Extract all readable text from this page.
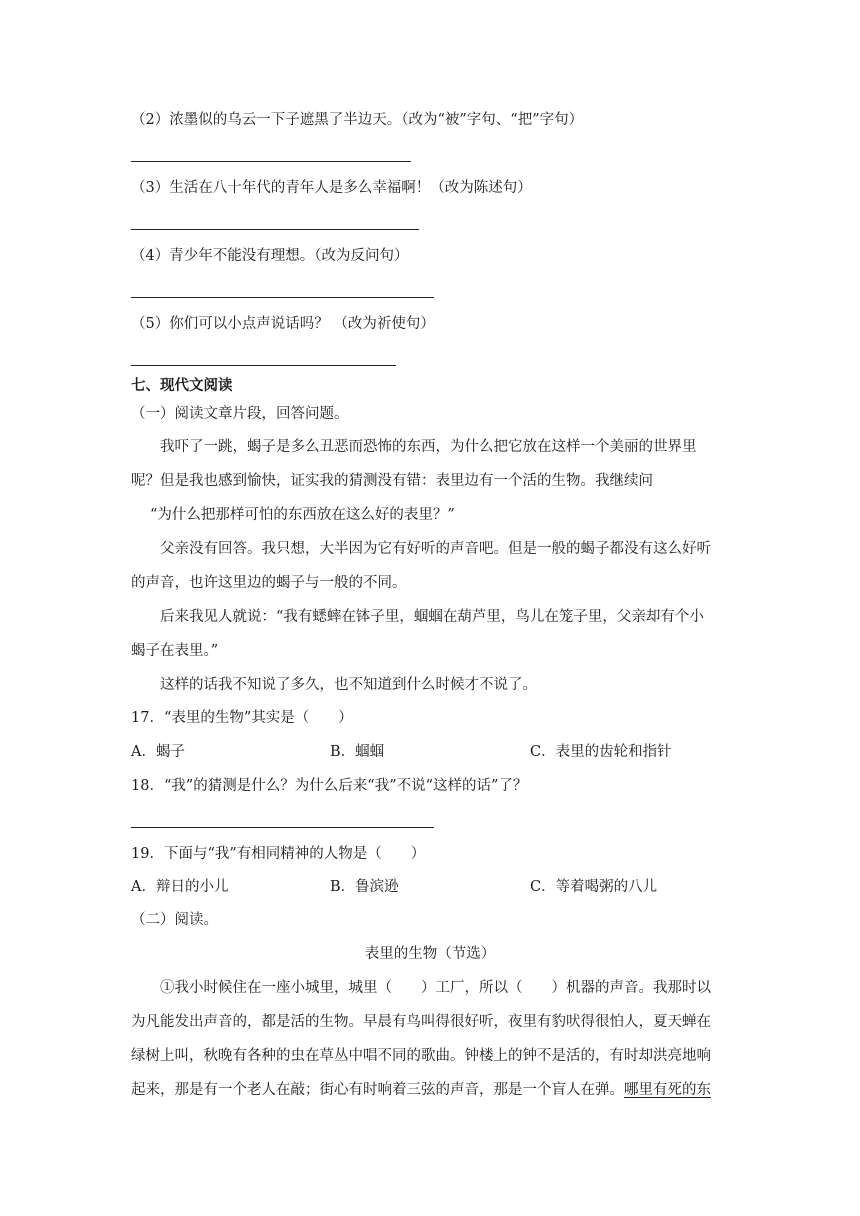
（2）浓墨似的乌云一下子遮黑了半边天。（改为“被”字句、“把”字句）
（3）生活在八十年代的青年人是多么幸福啊！（改为陈述句）
（4）青少年不能没有理想。（改为反问句）
（5）你们可以小点声说话吗？ （改为祈使句）
七、现代文阅读
（一）阅读文章片段，回答问题。
我吓了一跳，蝎子是多么丑恶而恐怖的东西，为什么把它放在这样一个美丽的世界里
呢？但是我也感到愉快，证实我的猜测没有错：表里边有一个活的生物。我继续问
“为什么把那样可怕的东西放在这么好的表里？”
父亲没有回答。我只想，大半因为它有好听的声音吧。但是一般的蝎子都没有这么好听
的声音，也许这里边的蝎子与一般的不同。
后来我见人就说：“我有蟋蟀在钵子里，蝈蝈在葫芦里，鸟儿在笼子里，父亲却有个小
蝎子在表里。”
这样的话我不知说了多久，也不知道到什么时候才不说了。
17．“表里的生物”其实是（　　）
A．蝎子	B．蝈蝈	C．表里的齿轮和指针
18．“我”的猜测是什么？为什么后来“我”不说“这样的话”了？
19．下面与“我”有相同精神的人物是（　　）
A．辩日的小儿	B．鲁滨逊	C．等着喝粥的八儿
（二）阅读。
表里的生物（节选）
①我小时候住在一座小城里，城里（　　）工厂，所以（　　）机器的声音。我那时以
为凡能发出声音的，都是活的生物。早晨有鸟叫得很好听，夜里有豹吠得很怕人，夏天蝉在
绿树上叫，秋晚有各种的虫在草丛中唱不同的歌曲。钟楼上的钟不是活的，有时却洪亮地响
起来，那是有一个老人在敲；街心有时响着三弦的声音，那是一个盲人在弹。哪里有死的东
